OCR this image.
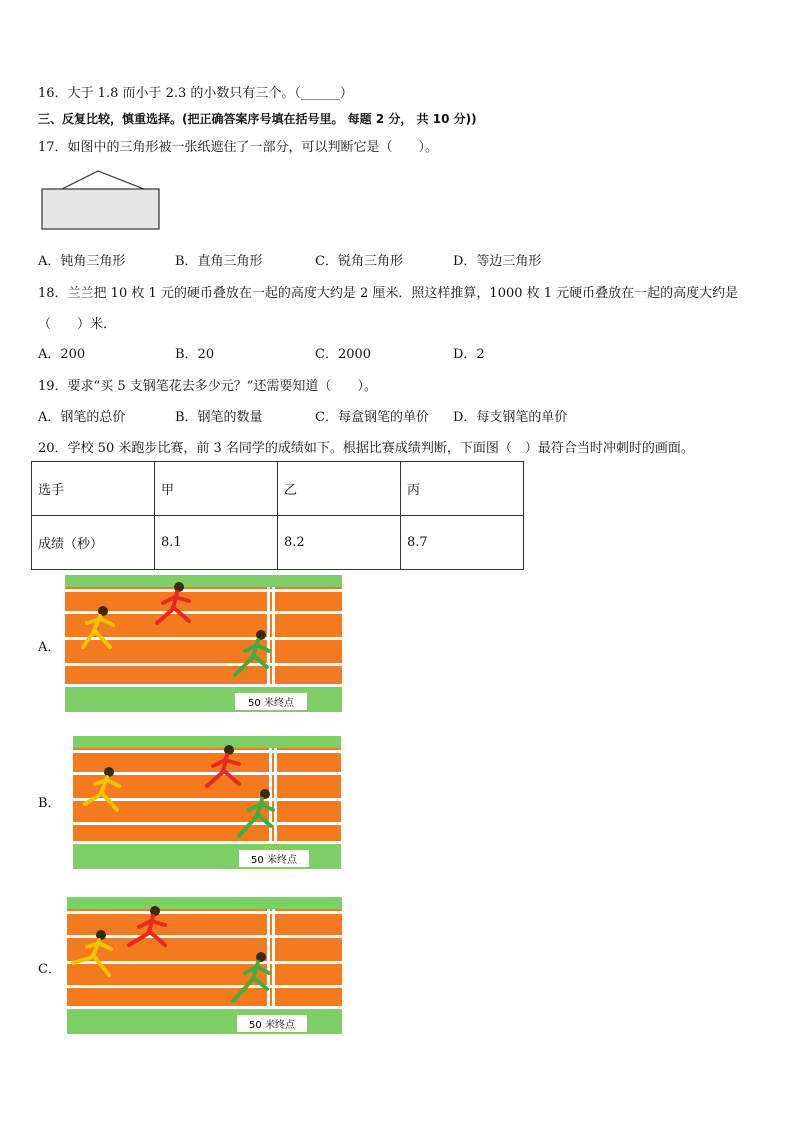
16．大于 1.8 而小于 2.3 的小数只有三个。（______）
三、反复比较，慎重选择。(把正确答案序号填在括号里。 每题 2 分， 共 10 分))
17．如图中的三角形被一张纸遮住了一部分，可以判断它是（　　）。
A．钝角三角形	B．直角三角形	C．锐角三角形	D．等边三角形
18．兰兰把 10 枚 1 元的硬币叠放在一起的高度大约是 2 厘米．照这样推算，1000 枚 1 元硬币叠放在一起的高度大约是
（　　）米．
A．200	B．20	C．2000	D．2
19．要求“买 5 支钢笔花去多少元？”还需要知道（　　）。
A．钢笔的总价	B．钢笔的数量	C．每盒钢笔的单价 D．每支钢笔的单价
20．学校 50 米跑步比赛，前 3 名同学的成绩如下。根据比赛成绩判断，下面图（　）最符合当时冲刺时的画面。
选手	甲	乙	丙
成绩（秒）	8.1	8.2	8.7
A．
50 米终点
B．
50 米终点
C．
50 米终点
